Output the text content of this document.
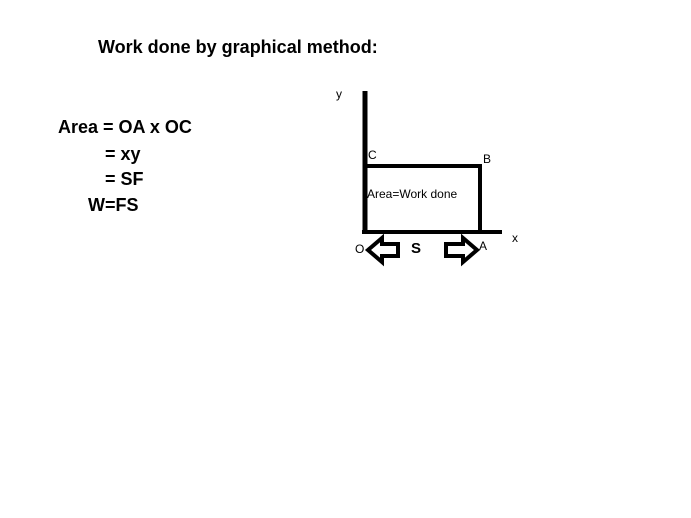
Work done by graphical method:
Area = OA x OC
= xy
= SF
W=FS
y
x
C	B
O	A
Area=Work done
S
